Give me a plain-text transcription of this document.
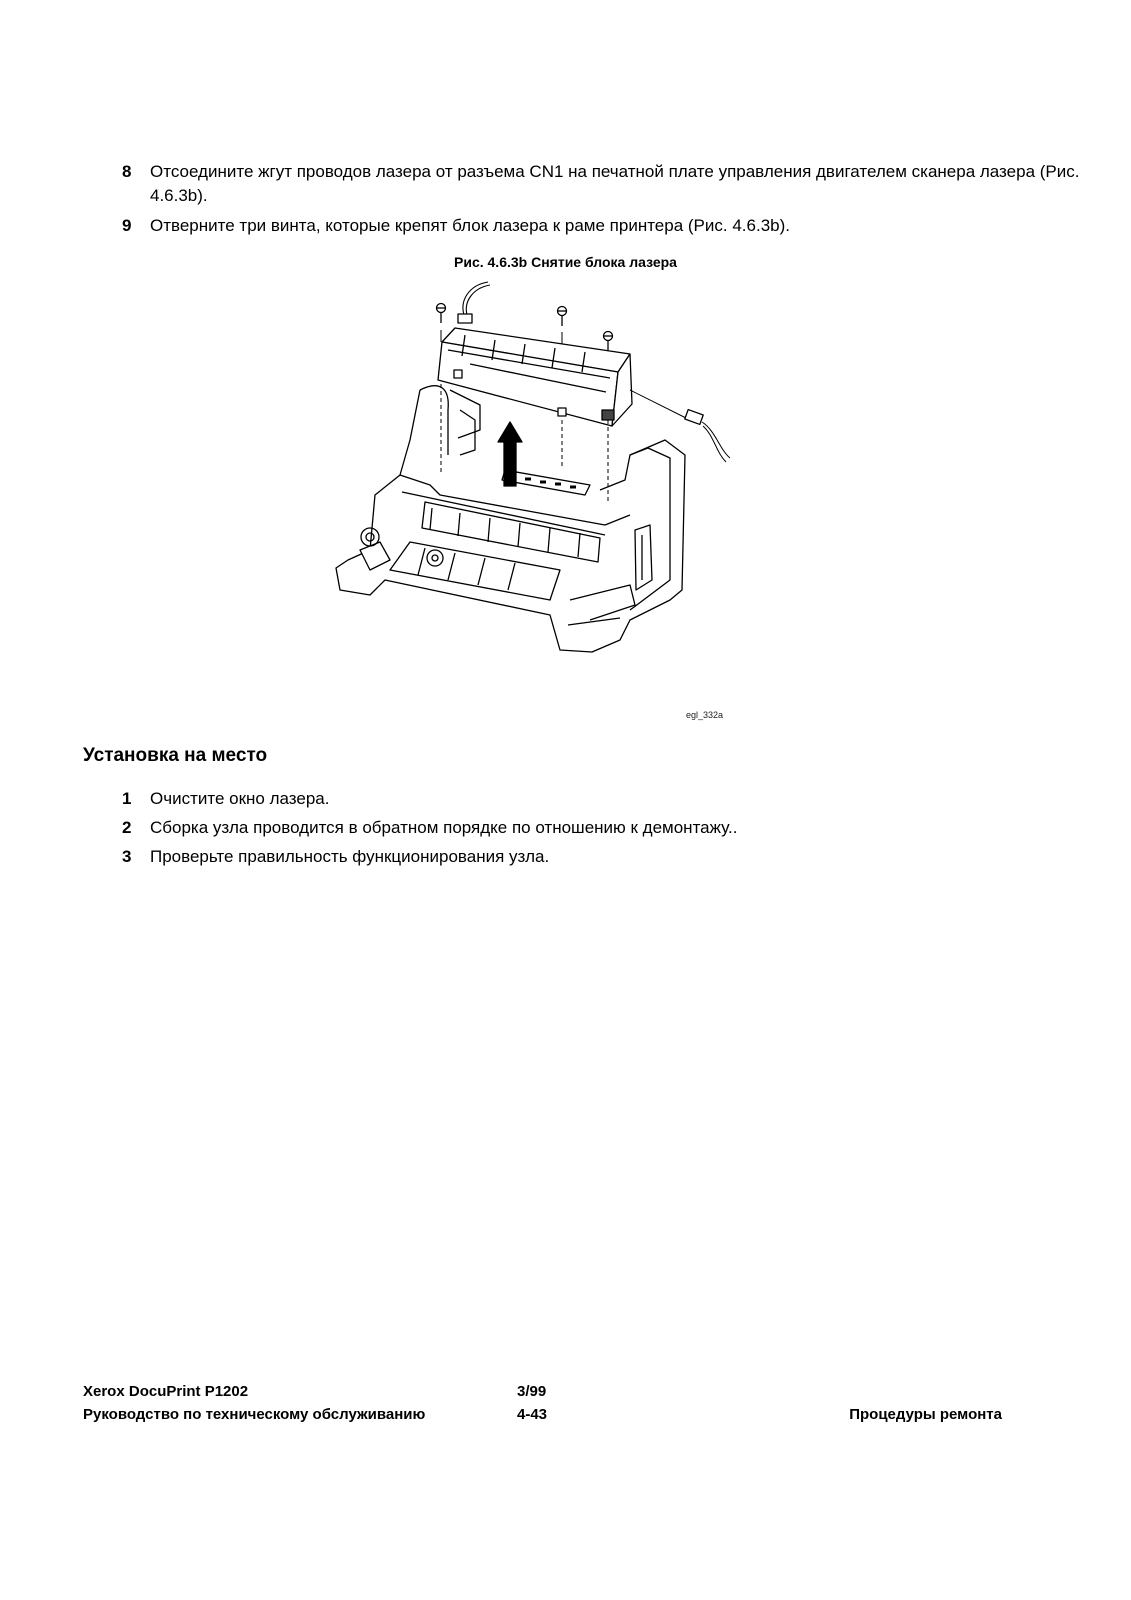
8 Отсоедините жгут проводов лазера от разъема CN1 на печатной плате управления двигателем сканера лазера (Рис. 4.6.3b).
9 Отверните три винта, которые крепят блок лазера к раме принтера (Рис. 4.6.3b).
Рис. 4.6.3b Снятие блока лазера
egl_332a
Установка на место
1 Очистите окно лазера.
2 Сборка узла проводится в обратном порядке по отношению к демонтажу..
3 Проверьте правильность функционирования узла.
Xerox DocuPrint P1202
Руководство по техническому обслуживанию
3/99
4-43	Процедуры ремонта
